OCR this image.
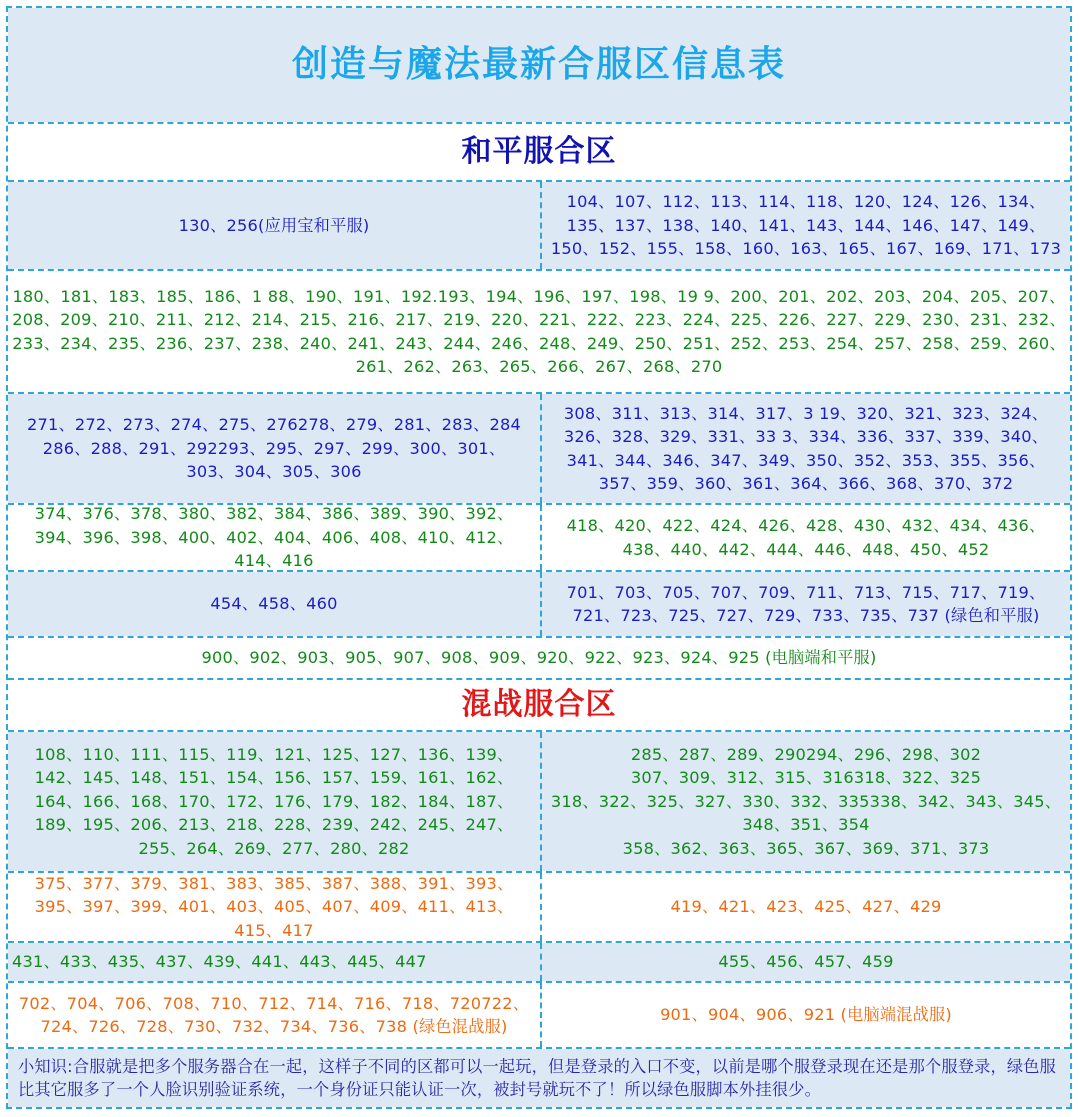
创造与魔法最新合服区信息表
和平服合区
130、256(应用宝和平服)
104、107、112、113、114、118、120、124、126、134、135、137、138、140、141、143、144、146、147、149、150、152、155、158、160、163、165、167、169、171、173
180、181、183、185、186、1 88、190、191、192.193、194、196、197、198、19 9、200、201、202、203、204、205、207、208、209、210、211、212、214、215、216、217、219、220、221、222、223、224、225、226、227、229、230、231、232、233、234、235、236、237、238、240、241、243、244、246、248、249、250、251、252、253、254、257、258、259、260、261、262、263、265、266、267、268、270
271、272、273、274、275、276278、279、281、283、284 286、288、291、292293、295、297、299、300、301、303、304、305、306
308、311、313、314、317、3 19、320、321、323、324、326、328、329、331、33 3、334、336、337、339、340、341、344、346、347、349、350、352、353、355、356、357、359、360、361、364、366、368、370、372
374、376、378、380、382、384、386、389、390、392、394、396、398、400、402、404、406、408、410、412、414、416
418、420、422、424、426、428、430、432、434、436、438、440、442、444、446、448、450、452
454、458、460
701、703、705、707、709、711、713、715、717、719、721、723、725、727、729、733、735、737 (绿色和平服)
900、902、903、905、907、908、909、920、922、923、924、925 (电脑端和平服)
混战服合区
108、110、111、115、119、121、125、127、136、139、142、145、148、151、154、156、157、159、161、162、164、166、168、170、172、176、179、182、184、187、189、195、206、213、218、228、239、242、245、247、255、264、269、277、280、282
285、287、289、290294、296、298、302
307、309、312、315、316318、322、325
318、322、325、327、330、332、335338、342、343、345、
348、351、354
358、362、363、365、367、369、371、373
375、377、379、381、383、385、387、388、391、393、395、397、399、401、403、405、407、409、411、413、415、417
419、421、423、425、427、429
431、433、435、437、439、441、443、445、447	455、456、457、459
702、704、706、708、710、712、714、716、718、720722、724、726、728、730、732、734、736、738 (绿色混战服)
901、904、906、921 (电脑端混战服)
小知识:合服就是把多个服务器合在一起，这样子不同的区都可以一起玩，但是登录的入口不变，以前是哪个服登录现在还是那个服登录，绿色服比其它服多了一个人脸识别验证系统，一个身份证只能认证一次，被封号就玩不了！所以绿色服脚本外挂很少。
